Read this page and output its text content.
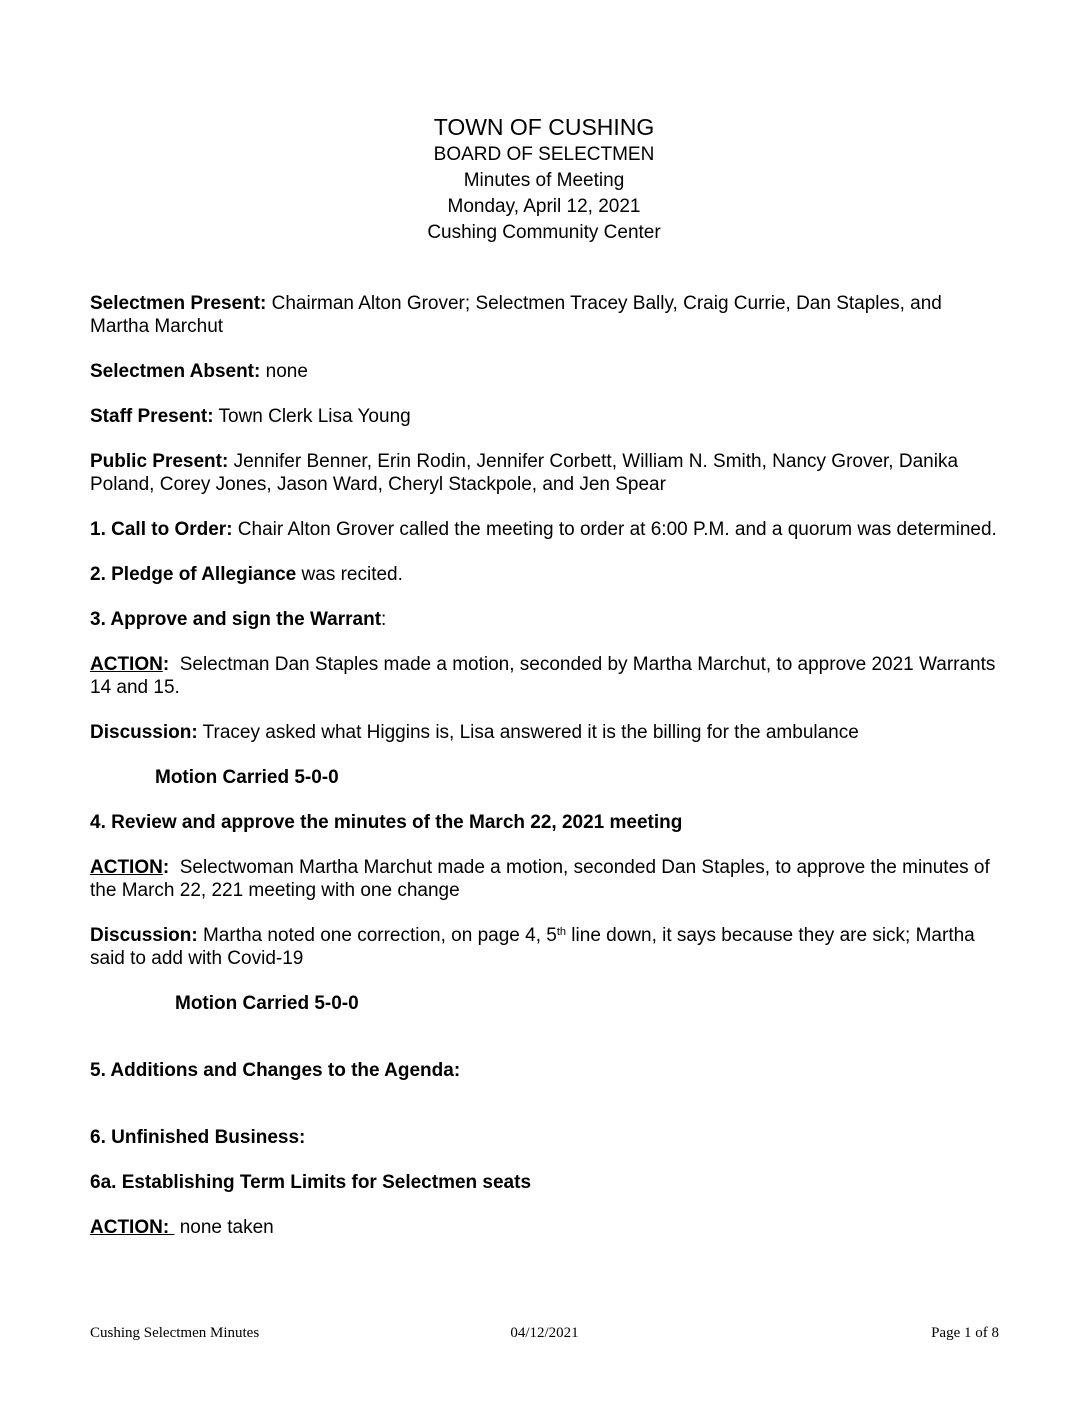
TOWN OF CUSHING
BOARD OF SELECTMEN
Minutes of Meeting
Monday, April 12, 2021
Cushing Community Center

Selectmen Present: Chairman Alton Grover; Selectmen Tracey Bally, Craig Currie, Dan Staples, and Martha Marchut

Selectmen Absent: none

Staff Present: Town Clerk Lisa Young

Public Present: Jennifer Benner, Erin Rodin, Jennifer Corbett, William N. Smith, Nancy Grover, Danika Poland, Corey Jones, Jason Ward, Cheryl Stackpole, and Jen Spear

1. Call to Order: Chair Alton Grover called the meeting to order at 6:00 P.M. and a quorum was determined.

2. Pledge of Allegiance was recited.

3. Approve and sign the Warrant:

ACTION:  Selectman Dan Staples made a motion, seconded by Martha Marchut, to approve 2021 Warrants 14 and 15.

Discussion: Tracey asked what Higgins is, Lisa answered it is the billing for the ambulance

Motion Carried 5-0-0

4. Review and approve the minutes of the March 22, 2021 meeting

ACTION:  Selectwoman Martha Marchut made a motion, seconded Dan Staples, to approve the minutes of the March 22, 221 meeting with one change

Discussion: Martha noted one correction, on page 4, 5th line down, it says because they are sick; Martha said to add with Covid-19

Motion Carried 5-0-0

5. Additions and Changes to the Agenda:

6. Unfinished Business:

6a. Establishing Term Limits for Selectmen seats

ACTION:  none taken

Cushing Selectmen Minutes	04/12/2021	Page 1 of 8
